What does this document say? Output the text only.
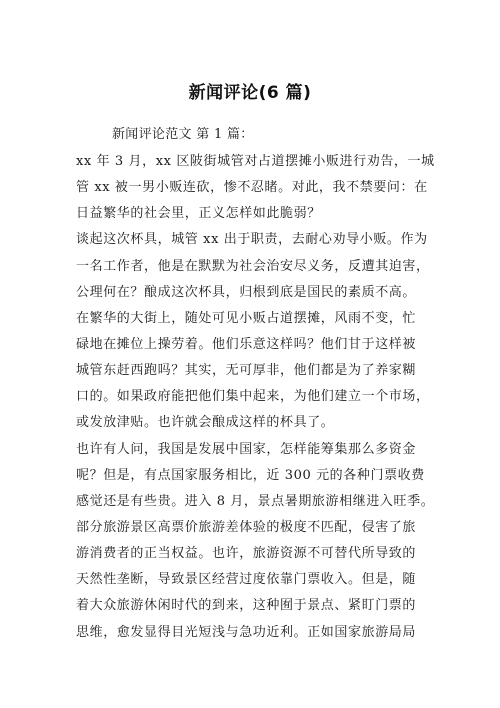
新闻评论(6 篇)
新闻评论范文 第 1 篇：
xx 年 3 月，xx 区陂街城管对占道摆摊小贩进行劝告，一城
管 xx 被一男小贩连砍，惨不忍睹。对此，我不禁要问：在
日益繁华的社会里，正义怎样如此脆弱？
谈起这次杯具，城管 xx 出于职责，去耐心劝导小贩。作为
一名工作者，他是在默默为社会治安尽义务，反遭其迫害，
公理何在？酿成这次杯具，归根到底是国民的素质不高。
在繁华的大街上，随处可见小贩占道摆摊，风雨不变，忙
碌地在摊位上操劳着。他们乐意这样吗？他们甘于这样被
城管东赶西跑吗？其实，无可厚非，他们都是为了养家糊
口的。如果政府能把他们集中起来，为他们建立一个市场，
或发放津贴。也许就会酿成这样的杯具了。
也许有人问，我国是发展中国家，怎样能筹集那么多资金
呢？但是，有点国家服务相比，近 300 元的各种门票收费
感觉还是有些贵。进入 8 月，景点暑期旅游相继进入旺季。
部分旅游景区高票价旅游差体验的极度不匹配，侵害了旅
游消费者的正当权益。也许，旅游资源不可替代所导致的
天然性垄断，导致景区经营过度依靠门票收入。但是，随
着大众旅游休闲时代的到来，这种囿于景点、紧盯门票的
思维，愈发显得目光短浅与急功近利。正如国家旅游局局
